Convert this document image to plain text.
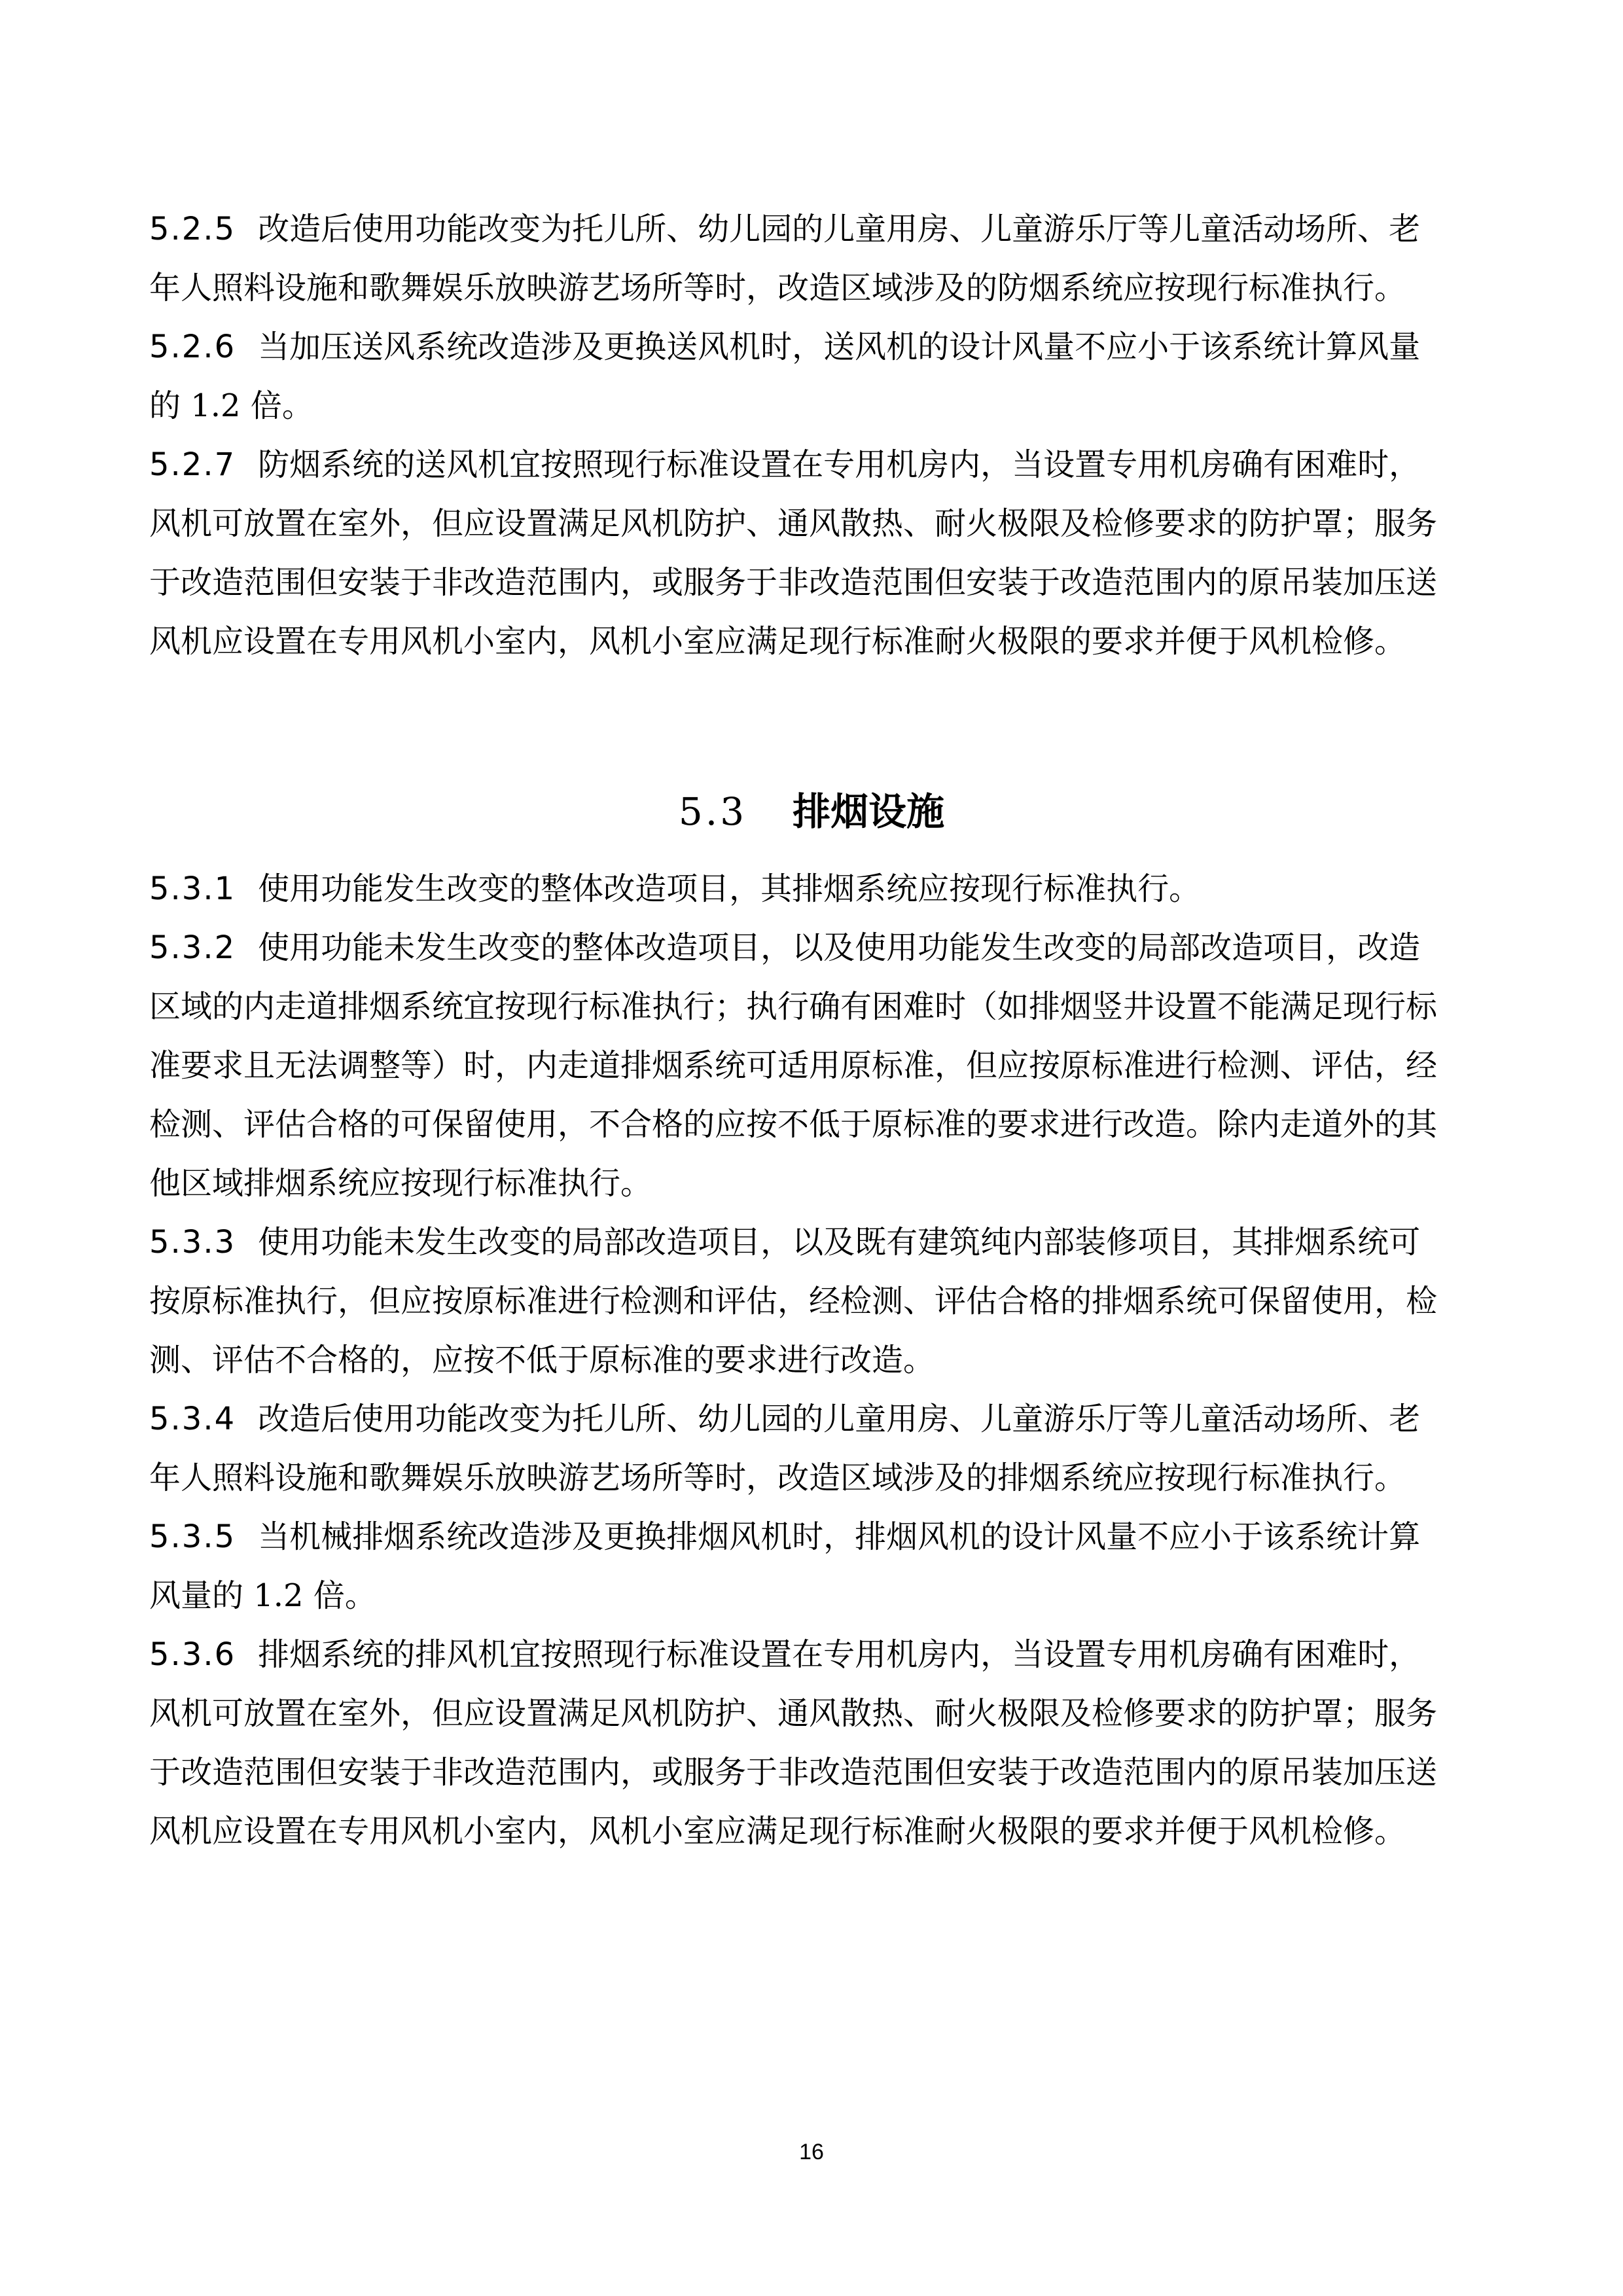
5.2.5 改造后使用功能改变为托儿所、幼儿园的儿童用房、儿童游乐厅等儿童活动场所、老
年人照料设施和歌舞娱乐放映游艺场所等时，改造区域涉及的防烟系统应按现行标准执行。
5.2.6 当加压送风系统改造涉及更换送风机时，送风机的设计风量不应小于该系统计算风量
的 1.2 倍。
5.2.7 防烟系统的送风机宜按照现行标准设置在专用机房内，当设置专用机房确有困难时，
风机可放置在室外，但应设置满足风机防护、通风散热、耐火极限及检修要求的防护罩；服务
于改造范围但安装于非改造范围内，或服务于非改造范围但安装于改造范围内的原吊装加压送
风机应设置在专用风机小室内，风机小室应满足现行标准耐火极限的要求并便于风机检修。
5.3 排烟设施
5.3.1 使用功能发生改变的整体改造项目，其排烟系统应按现行标准执行。
5.3.2 使用功能未发生改变的整体改造项目，以及使用功能发生改变的局部改造项目，改造
区域的内走道排烟系统宜按现行标准执行；执行确有困难时（如排烟竖井设置不能满足现行标
准要求且无法调整等）时，内走道排烟系统可适用原标准，但应按原标准进行检测、评估，经
检测、评估合格的可保留使用，不合格的应按不低于原标准的要求进行改造。除内走道外的其
他区域排烟系统应按现行标准执行。
5.3.3 使用功能未发生改变的局部改造项目，以及既有建筑纯内部装修项目，其排烟系统可
按原标准执行，但应按原标准进行检测和评估，经检测、评估合格的排烟系统可保留使用，检
测、评估不合格的，应按不低于原标准的要求进行改造。
5.3.4 改造后使用功能改变为托儿所、幼儿园的儿童用房、儿童游乐厅等儿童活动场所、老
年人照料设施和歌舞娱乐放映游艺场所等时，改造区域涉及的排烟系统应按现行标准执行。
5.3.5 当机械排烟系统改造涉及更换排烟风机时，排烟风机的设计风量不应小于该系统计算
风量的 1.2 倍。
5.3.6 排烟系统的排风机宜按照现行标准设置在专用机房内，当设置专用机房确有困难时，
风机可放置在室外，但应设置满足风机防护、通风散热、耐火极限及检修要求的防护罩；服务
于改造范围但安装于非改造范围内，或服务于非改造范围但安装于改造范围内的原吊装加压送
风机应设置在专用风机小室内，风机小室应满足现行标准耐火极限的要求并便于风机检修。
16
